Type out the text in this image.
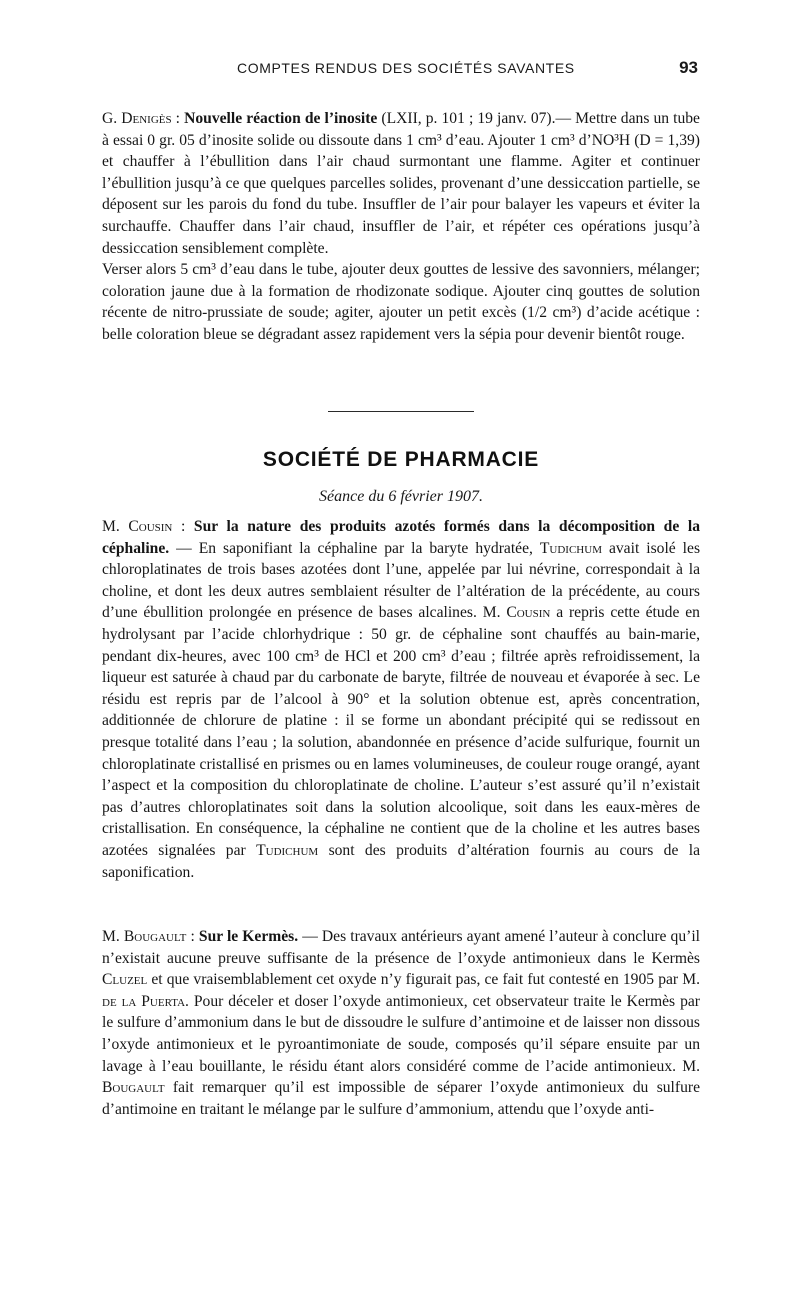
COMPTES RENDUS DES SOCIÉTÉS SAVANTES	93

G. Denigès : Nouvelle réaction de l’inosite (LXII, p. 101 ; 19 janv. 07).— Mettre dans un tube à essai 0 gr. 05 d’inosite solide ou dissoute dans 1 cm³ d’eau. Ajouter 1 cm³ d’NO³H (D = 1,39) et chauffer à l’ébullition dans l’air chaud surmontant une flamme. Agiter et continuer l’ébullition jusqu’à ce que quelques parcelles solides, provenant d’une dessiccation partielle, se déposent sur les parois du fond du tube. Insuffler de l’air pour balayer les vapeurs et éviter la surchauffe. Chauffer dans l’air chaud, insuffler de l’air, et répéter ces opérations jusqu’à dessiccation sensiblement complète.

Verser alors 5 cm³ d’eau dans le tube, ajouter deux gouttes de lessive des savonniers, mélanger; coloration jaune due à la formation de rhodizonate sodique. Ajouter cinq gouttes de solution récente de nitro-prussiate de soude; agiter, ajouter un petit excès (1/2 cm³) d’acide acétique : belle coloration bleue se dégradant assez rapidement vers la sépia pour devenir bientôt rouge.

SOCIÉTÉ DE PHARMACIE
Séance du 6 février 1907.

M. Cousin : Sur la nature des produits azotés formés dans la décomposition de la céphaline. — En saponifiant la céphaline par la baryte hydratée, Tudichum avait isolé les chloroplatinates de trois bases azotées dont l’une, appelée par lui névrine, correspondait à la choline, et dont les deux autres semblaient résulter de l’altération de la précédente, au cours d’une ébullition prolongée en présence de bases alcalines. M. Cousin a repris cette étude en hydrolysant par l’acide chlorhydrique : 50 gr. de céphaline sont chauffés au bain-marie, pendant dix-heures, avec 100 cm³ de HCl et 200 cm³ d’eau ; filtrée après refroidissement, la liqueur est saturée à chaud par du carbonate de baryte, filtrée de nouveau et évaporée à sec. Le résidu est repris par de l’alcool à 90° et la solution obtenue est, après concentration, additionnée de chlorure de platine : il se forme un abondant précipité qui se redissout en presque totalité dans l’eau ; la solution, abandonnée en présence d’acide sulfurique, fournit un chloroplatinate cristallisé en prismes ou en lames volumineuses, de couleur rouge orangé, ayant l’aspect et la composition du chloroplatinate de choline. L’auteur s’est assuré qu’il n’existait pas d’autres chloroplatinates soit dans la solution alcoolique, soit dans les eaux-mères de cristallisation. En conséquence, la céphaline ne contient que de la choline et les autres bases azotées signalées par Tudichum sont des produits d’altération fournis au cours de la saponification.

M. Bougault : Sur le Kermès. — Des travaux antérieurs ayant amené l’auteur à conclure qu’il n’existait aucune preuve suffisante de la présence de l’oxyde antimonieux dans le Kermès Cluzel et que vraisemblablement cet oxyde n’y figurait pas, ce fait fut contesté en 1905 par M. de la Puerta. Pour déceler et doser l’oxyde antimonieux, cet observateur traite le Kermès par le sulfure d’ammonium dans le but de dissoudre le sulfure d’antimoine et de laisser non dissous l’oxyde antimonieux et le pyroantimoniate de soude, composés qu’il sépare ensuite par un lavage à l’eau bouillante, le résidu étant alors considéré comme de l’acide antimonieux. M. Bougault fait remarquer qu’il est impossible de séparer l’oxyde antimonieux du sulfure d’antimoine en traitant le mélange par le sulfure d’ammonium, attendu que l’oxyde anti-
